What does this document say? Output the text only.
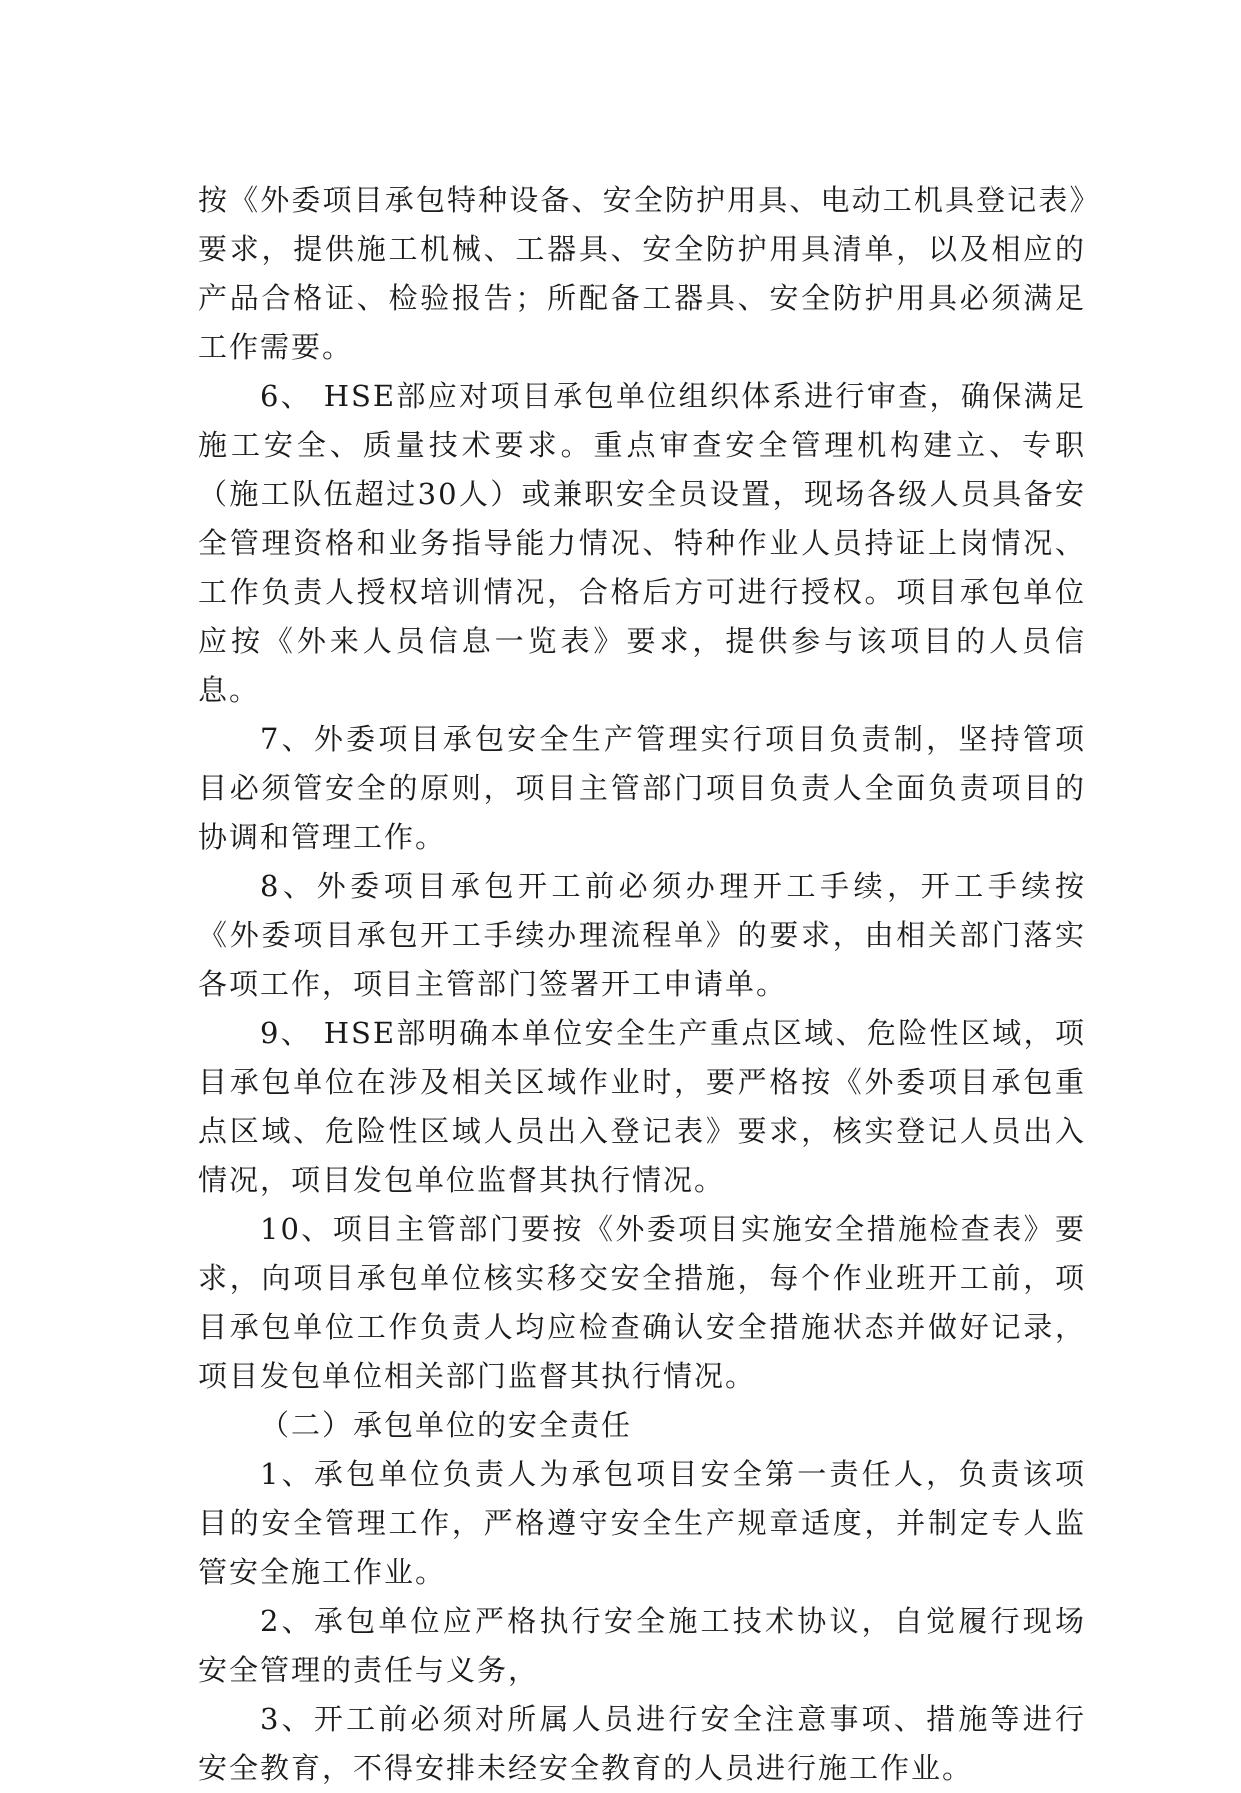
按《外委项目承包特种设备、安全防护用具、电动工机具登记表》要求，提供施工机械、工器具、安全防护用具清单，以及相应的产品合格证、检验报告；所配备工器具、安全防护用具必须满足工作需要。

6、 HSE部应对项目承包单位组织体系进行审查，确保满足施工安全、质量技术要求。重点审查安全管理机构建立、专职（施工队伍超过30人）或兼职安全员设置，现场各级人员具备安全管理资格和业务指导能力情况、特种作业人员持证上岗情况、工作负责人授权培训情况，合格后方可进行授权。项目承包单位应按《外来人员信息一览表》要求，提供参与该项目的人员信息。

7、外委项目承包安全生产管理实行项目负责制，坚持管项目必须管安全的原则，项目主管部门项目负责人全面负责项目的协调和管理工作。

8、外委项目承包开工前必须办理开工手续，开工手续按《外委项目承包开工手续办理流程单》的要求，由相关部门落实各项工作，项目主管部门签署开工申请单。

9、 HSE部明确本单位安全生产重点区域、危险性区域，项目承包单位在涉及相关区域作业时，要严格按《外委项目承包重点区域、危险性区域人员出入登记表》要求，核实登记人员出入情况，项目发包单位监督其执行情况。

10、项目主管部门要按《外委项目实施安全措施检查表》要求，向项目承包单位核实移交安全措施，每个作业班开工前，项目承包单位工作负责人均应检查确认安全措施状态并做好记录，项目发包单位相关部门监督其执行情况。

（二）承包单位的安全责任

1、承包单位负责人为承包项目安全第一责任人，负责该项目的安全管理工作，严格遵守安全生产规章适度，并制定专人监管安全施工作业。

2、承包单位应严格执行安全施工技术协议，自觉履行现场安全管理的责任与义务，

3、开工前必须对所属人员进行安全注意事项、措施等进行安全教育，不得安排未经安全教育的人员进行施工作业。
